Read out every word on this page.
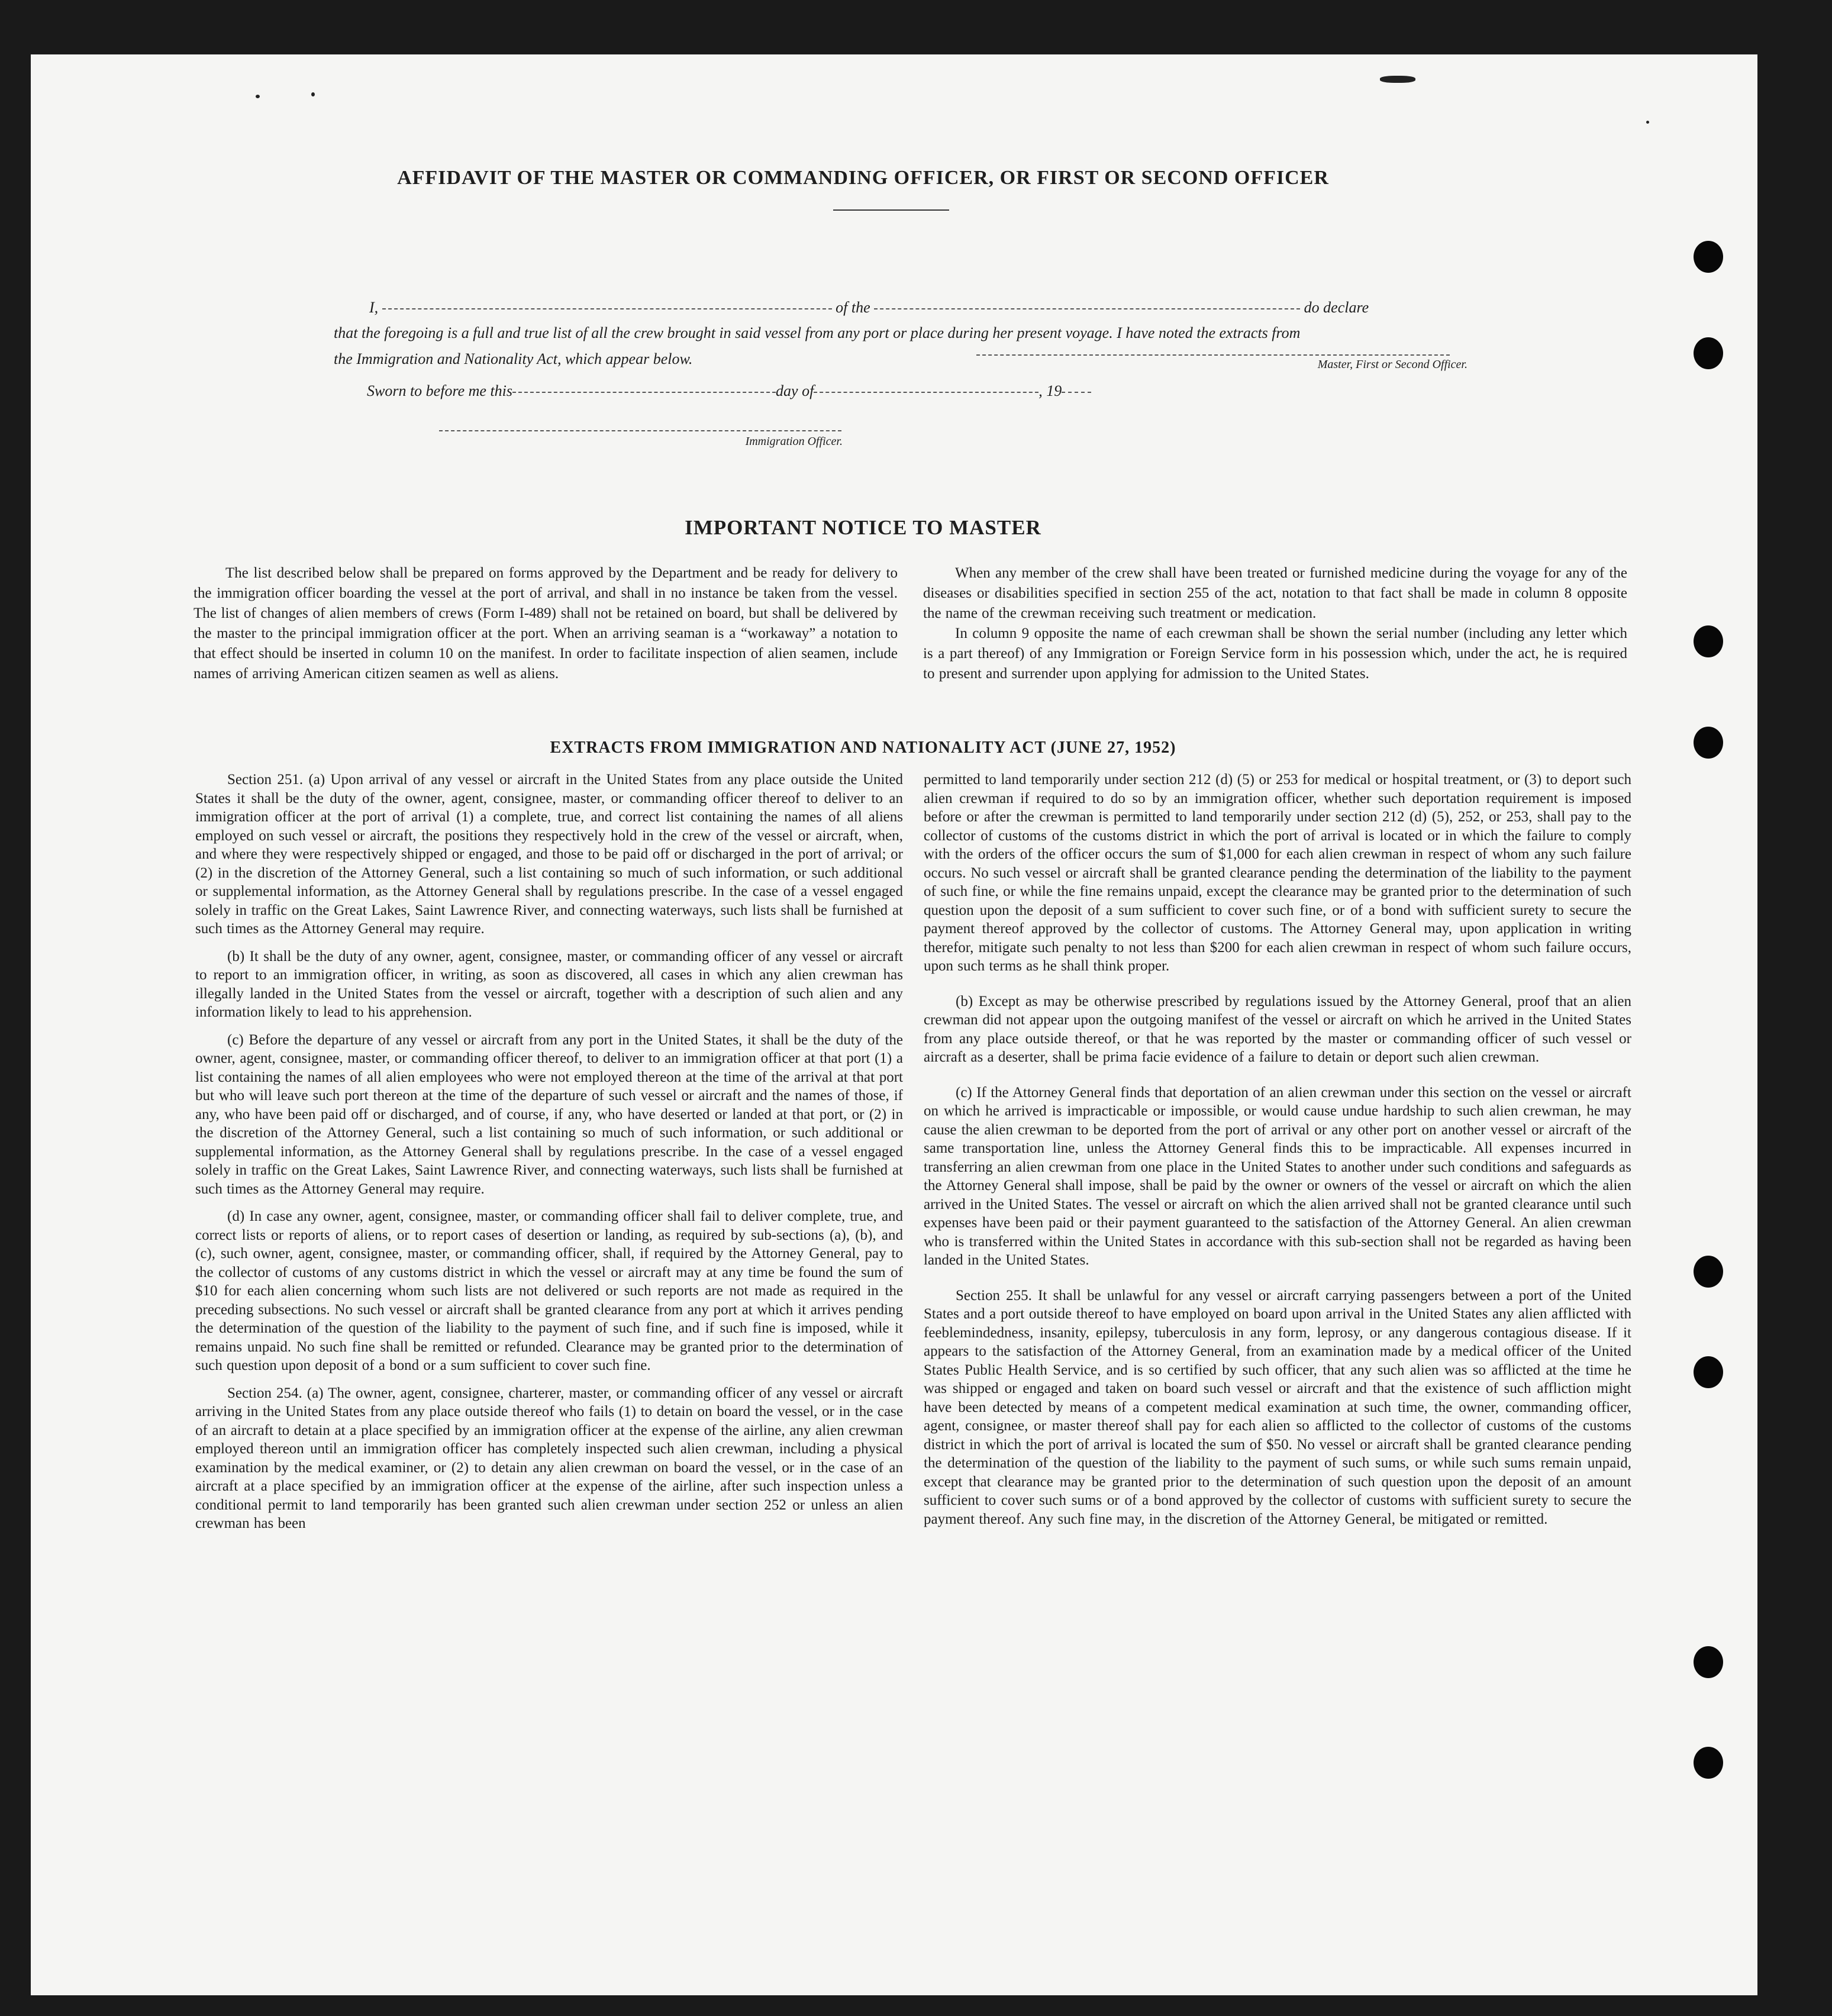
AFFIDAVIT OF THE MASTER OR COMMANDING OFFICER, OR FIRST OR SECOND OFFICER
I,	of the	do declare
that the foregoing is a full and true list of all the crew brought in said vessel from any port or place during her present voyage. I have noted the extracts from
the Immigration and Nationality Act, which appear below.	Master, First or Second Officer.
Sworn to before me this	day of	, 19
Immigration Officer.
IMPORTANT NOTICE TO MASTER

The list described below shall be prepared on forms approved by the Department and be ready for delivery to the immigration officer boarding the vessel at the port of arrival, and shall in no instance be taken from the vessel. The list of changes of alien members of crews (Form I-489) shall not be retained on board, but shall be delivered by the master to the principal immigration officer at the port. When an arriving seaman is a “workaway” a notation to that effect should be inserted in column 10 on the manifest. In order to facilitate inspection of alien seamen, include names of arriving American citizen seamen as well as aliens.

When any member of the crew shall have been treated or furnished medicine during the voyage for any of the diseases or disabilities specified in section 255 of the act, notation to that fact shall be made in column 8 opposite the name of the crewman receiving such treatment or medication.

In column 9 opposite the name of each crewman shall be shown the serial number (including any letter which is a part thereof) of any Immigration or Foreign Service form in his possession which, under the act, he is required to present and surrender upon applying for admission to the United States.

EXTRACTS FROM IMMIGRATION AND NATIONALITY ACT (JUNE 27, 1952)

Section 251. (a) Upon arrival of any vessel or aircraft in the United States from any place outside the United States it shall be the duty of the owner, agent, consignee, master, or commanding officer thereof to deliver to an immigration officer at the port of arrival (1) a complete, true, and correct list containing the names of all aliens employed on such vessel or aircraft, the positions they respectively hold in the crew of the vessel or aircraft, when, and where they were respectively shipped or engaged, and those to be paid off or discharged in the port of arrival; or (2) in the discretion of the Attorney General, such a list containing so much of such information, or such additional or supplemental information, as the Attorney General shall by regulations prescribe. In the case of a vessel engaged solely in traffic on the Great Lakes, Saint Lawrence River, and connecting waterways, such lists shall be furnished at such times as the Attorney General may require.

(b) It shall be the duty of any owner, agent, consignee, master, or commanding officer of any vessel or aircraft to report to an immigration officer, in writing, as soon as discovered, all cases in which any alien crewman has illegally landed in the United States from the vessel or aircraft, together with a description of such alien and any information likely to lead to his apprehension.

(c) Before the departure of any vessel or aircraft from any port in the United States, it shall be the duty of the owner, agent, consignee, master, or commanding officer thereof, to deliver to an immigration officer at that port (1) a list containing the names of all alien employees who were not employed thereon at the time of the arrival at that port but who will leave such port thereon at the time of the departure of such vessel or aircraft and the names of those, if any, who have been paid off or discharged, and of course, if any, who have deserted or landed at that port, or (2) in the discretion of the Attorney General, such a list containing so much of such information, or such additional or supplemental information, as the Attorney General shall by regulations prescribe. In the case of a vessel engaged solely in traffic on the Great Lakes, Saint Lawrence River, and connecting waterways, such lists shall be furnished at such times as the Attorney General may require.

(d) In case any owner, agent, consignee, master, or commanding officer shall fail to deliver complete, true, and correct lists or reports of aliens, or to report cases of desertion or landing, as required by sub-sections (a), (b), and (c), such owner, agent, consignee, master, or commanding officer, shall, if required by the Attorney General, pay to the collector of customs of any customs district in which the vessel or aircraft may at any time be found the sum of $10 for each alien concerning whom such lists are not delivered or such reports are not made as required in the preceding subsections. No such vessel or aircraft shall be granted clearance from any port at which it arrives pending the determination of the question of the liability to the payment of such fine, and if such fine is imposed, while it remains unpaid. No such fine shall be remitted or refunded. Clearance may be granted prior to the determination of such question upon deposit of a bond or a sum sufficient to cover such fine.

Section 254. (a) The owner, agent, consignee, charterer, master, or commanding officer of any vessel or aircraft arriving in the United States from any place outside thereof who fails (1) to detain on board the vessel, or in the case of an aircraft to detain at a place specified by an immigration officer at the expense of the airline, any alien crewman employed thereon until an immigration officer has completely inspected such alien crewman, including a physical examination by the medical examiner, or (2) to detain any alien crewman on board the vessel, or in the case of an aircraft at a place specified by an immigration officer at the expense of the airline, after such inspection unless a conditional permit to land temporarily has been granted such alien crewman under section 252 or unless an alien crewman has been

permitted to land temporarily under section 212 (d) (5) or 253 for medical or hospital treatment, or (3) to deport such alien crewman if required to do so by an immigration officer, whether such deportation requirement is imposed before or after the crewman is permitted to land temporarily under section 212 (d) (5), 252, or 253, shall pay to the collector of customs of the customs district in which the port of arrival is located or in which the failure to comply with the orders of the officer occurs the sum of $1,000 for each alien crewman in respect of whom any such failure occurs. No such vessel or aircraft shall be granted clearance pending the determination of the liability to the payment of such fine, or while the fine remains unpaid, except the clearance may be granted prior to the determination of such question upon the deposit of a sum sufficient to cover such fine, or of a bond with sufficient surety to secure the payment thereof approved by the collector of customs. The Attorney General may, upon application in writing therefor, mitigate such penalty to not less than $200 for each alien crewman in respect of whom such failure occurs, upon such terms as he shall think proper.

(b) Except as may be otherwise prescribed by regulations issued by the Attorney General, proof that an alien crewman did not appear upon the outgoing manifest of the vessel or aircraft on which he arrived in the United States from any place outside thereof, or that he was reported by the master or commanding officer of such vessel or aircraft as a deserter, shall be prima facie evidence of a failure to detain or deport such alien crewman.

(c) If the Attorney General finds that deportation of an alien crewman under this section on the vessel or aircraft on which he arrived is impracticable or impossible, or would cause undue hardship to such alien crewman, he may cause the alien crewman to be deported from the port of arrival or any other port on another vessel or aircraft of the same transportation line, unless the Attorney General finds this to be impracticable. All expenses incurred in transferring an alien crewman from one place in the United States to another under such conditions and safeguards as the Attorney General shall impose, shall be paid by the owner or owners of the vessel or aircraft on which the alien arrived in the United States. The vessel or aircraft on which the alien arrived shall not be granted clearance until such expenses have been paid or their payment guaranteed to the satisfaction of the Attorney General. An alien crewman who is transferred within the United States in accordance with this sub-section shall not be regarded as having been landed in the United States.

Section 255. It shall be unlawful for any vessel or aircraft carrying passengers between a port of the United States and a port outside thereof to have employed on board upon arrival in the United States any alien afflicted with feeblemindedness, insanity, epilepsy, tuberculosis in any form, leprosy, or any dangerous contagious disease. If it appears to the satisfaction of the Attorney General, from an examination made by a medical officer of the United States Public Health Service, and is so certified by such officer, that any such alien was so afflicted at the time he was shipped or engaged and taken on board such vessel or aircraft and that the existence of such affliction might have been detected by means of a competent medical examination at such time, the owner, commanding officer, agent, consignee, or master thereof shall pay for each alien so afflicted to the collector of customs of the customs district in which the port of arrival is located the sum of $50. No vessel or aircraft shall be granted clearance pending the determination of the question of the liability to the payment of such sums, or while such sums remain unpaid, except that clearance may be granted prior to the determination of such question upon the deposit of an amount sufficient to cover such sums or of a bond approved by the collector of customs with sufficient surety to secure the payment thereof. Any such fine may, in the discretion of the Attorney General, be mitigated or remitted.
